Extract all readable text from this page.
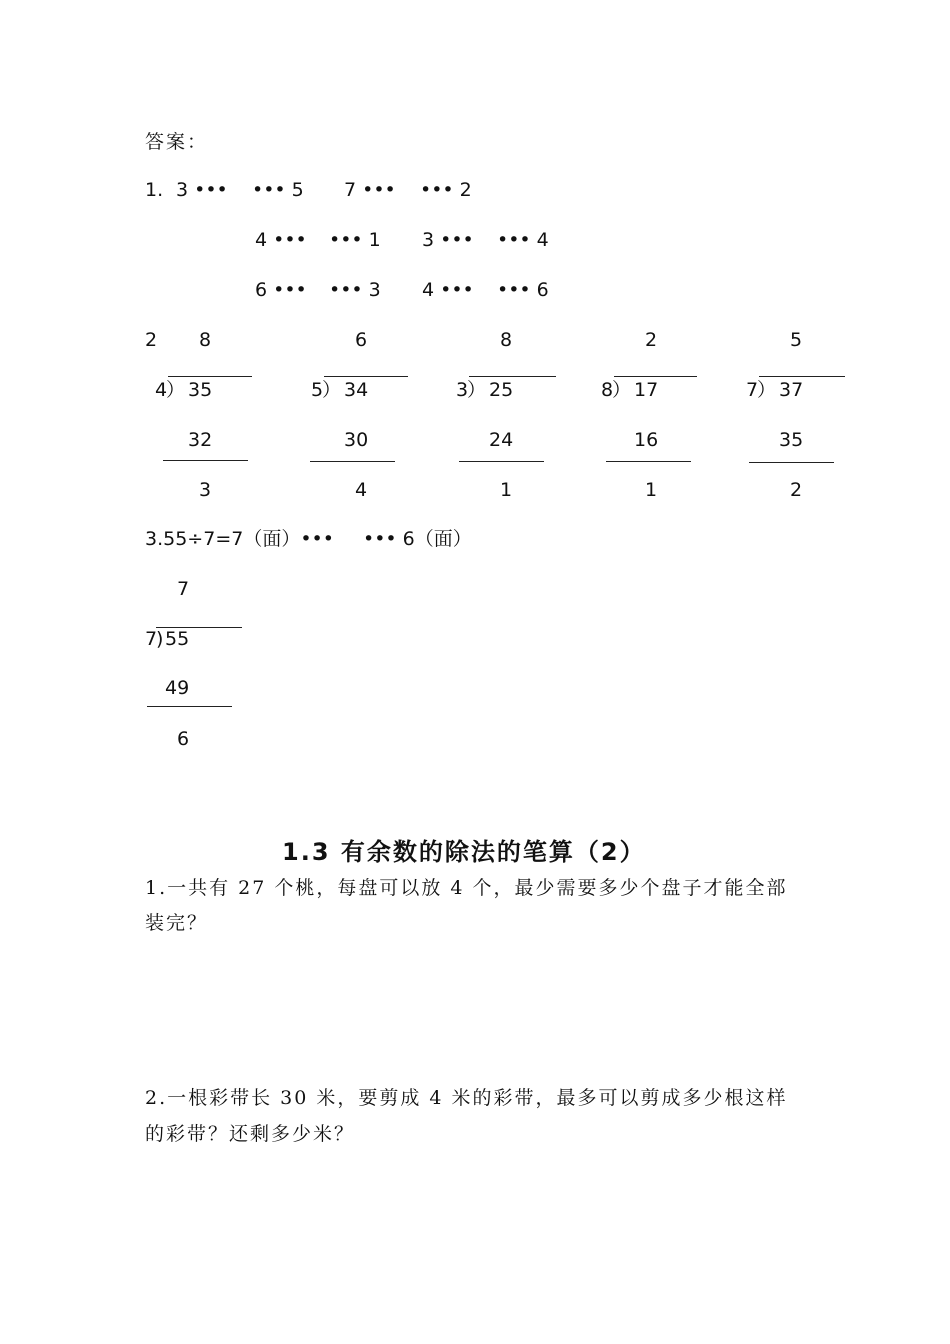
答案：
1. 3 ••• ••• 5 7 ••• ••• 2
4 ••• ••• 1 3 ••• ••• 4
6 ••• ••• 3 4 ••• ••• 6
2 8
4
） 35
32
3
6
5
） 34
30
4
8
3
） 25
24
1
2
8
） 17
16
1
5
7
） 37
35
2
3.55÷7=7（面）••• ••• 6（面）
7
7
) 55
49
6
1.3 有余数的除法的笔算（2）
1.一共有 27 个桃，每盘可以放 4 个，最少需要多少个盘子才能全部
装完？
2.一根彩带长 30 米，要剪成 4 米的彩带，最多可以剪成多少根这样
的彩带？还剩多少米？
